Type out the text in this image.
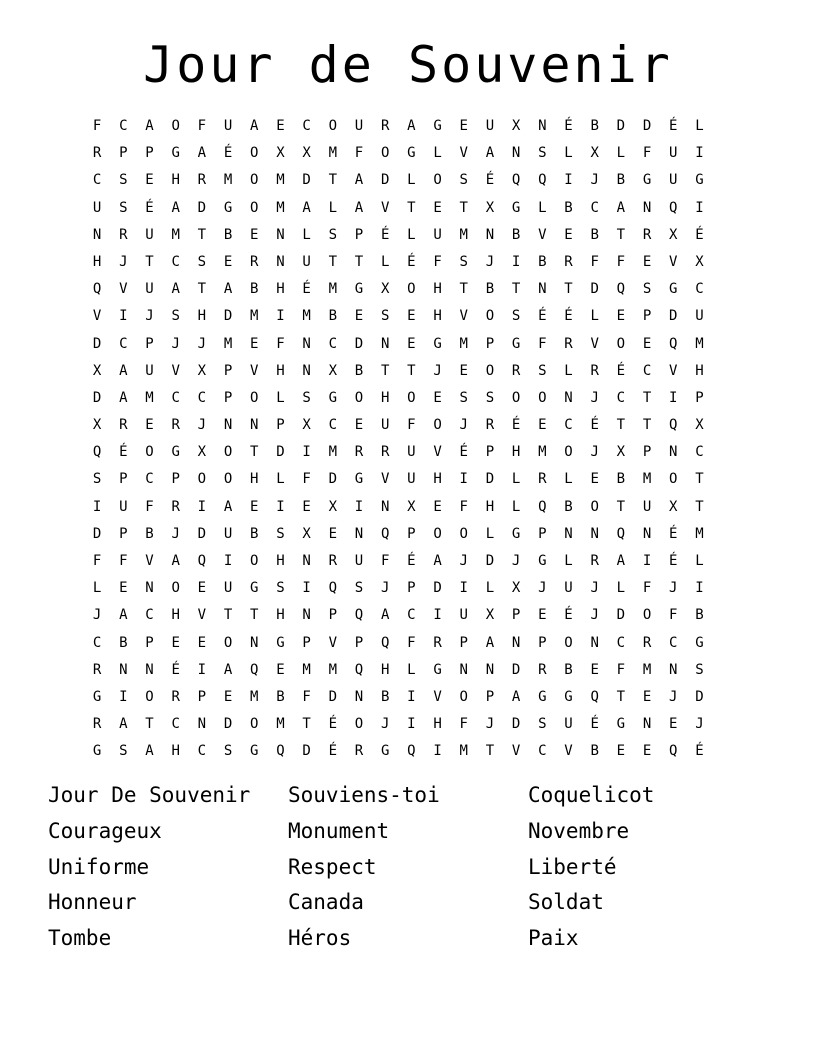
Jour de Souvenir
F	C	A	O	F	U	A	E	C	O	U	R	A	G	E	U	X	N	É	B	D	D	É	L
R	P	P	G	A	É	O	X	X	M	F	O	G	L	V	A	N	S	L	X	L	F	U	I
C	S	E	H	R	M	O	M	D	T	A	D	L	O	S	É	Q	Q	I	J	B	G	U	G
U	S	É	A	D	G	O	M	A	L	A	V	T	E	T	X	G	L	B	C	A	N	Q	I
N	R	U	M	T	B	E	N	L	S	P	É	L	U	M	N	B	V	E	B	T	R	X	É
H	J	T	C	S	E	R	N	U	T	T	L	É	F	S	J	I	B	R	F	F	E	V	X
Q	V	U	A	T	A	B	H	É	M	G	X	O	H	T	B	T	N	T	D	Q	S	G	C
V	I	J	S	H	D	M	I	M	B	E	S	E	H	V	O	S	É	É	L	E	P	D	U
D	C	P	J	J	M	E	F	N	C	D	N	E	G	M	P	G	F	R	V	O	E	Q	M
X	A	U	V	X	P	V	H	N	X	B	T	T	J	E	O	R	S	L	R	É	C	V	H
D	A	M	C	C	P	O	L	S	G	O	H	O	E	S	S	O	O	N	J	C	T	I	P
X	R	E	R	J	N	N	P	X	C	E	U	F	O	J	R	É	E	C	É	T	T	Q	X
Q	É	O	G	X	O	T	D	I	M	R	R	U	V	É	P	H	M	O	J	X	P	N	C
S	P	C	P	O	O	H	L	F	D	G	V	U	H	I	D	L	R	L	E	B	M	O	T
I	U	F	R	I	A	E	I	E	X	I	N	X	E	F	H	L	Q	B	O	T	U	X	T
D	P	B	J	D	U	B	S	X	E	N	Q	P	O	O	L	G	P	N	N	Q	N	É	M
F	F	V	A	Q	I	O	H	N	R	U	F	É	A	J	D	J	G	L	R	A	I	É	L
L	E	N	O	E	U	G	S	I	Q	S	J	P	D	I	L	X	J	U	J	L	F	J	I
J	A	C	H	V	T	T	H	N	P	Q	A	C	I	U	X	P	E	É	J	D	O	F	B
C	B	P	E	E	O	N	G	P	V	P	Q	F	R	P	A	N	P	O	N	C	R	C	G
R	N	N	É	I	A	Q	E	M	M	Q	H	L	G	N	N	D	R	B	E	F	M	N	S
G	I	O	R	P	E	M	B	F	D	N	B	I	V	O	P	A	G	G	Q	T	E	J	D
R	A	T	C	N	D	O	M	T	É	O	J	I	H	F	J	D	S	U	É	G	N	E	J
G	S	A	H	C	S	G	Q	D	É	R	G	Q	I	M	T	V	C	V	B	E	E	Q	É
Jour De Souvenir	Souviens-toi	Coquelicot
Courageux	Monument	Novembre
Uniforme	Respect	Liberté
Honneur	Canada	Soldat
Tombe	Héros	Paix
